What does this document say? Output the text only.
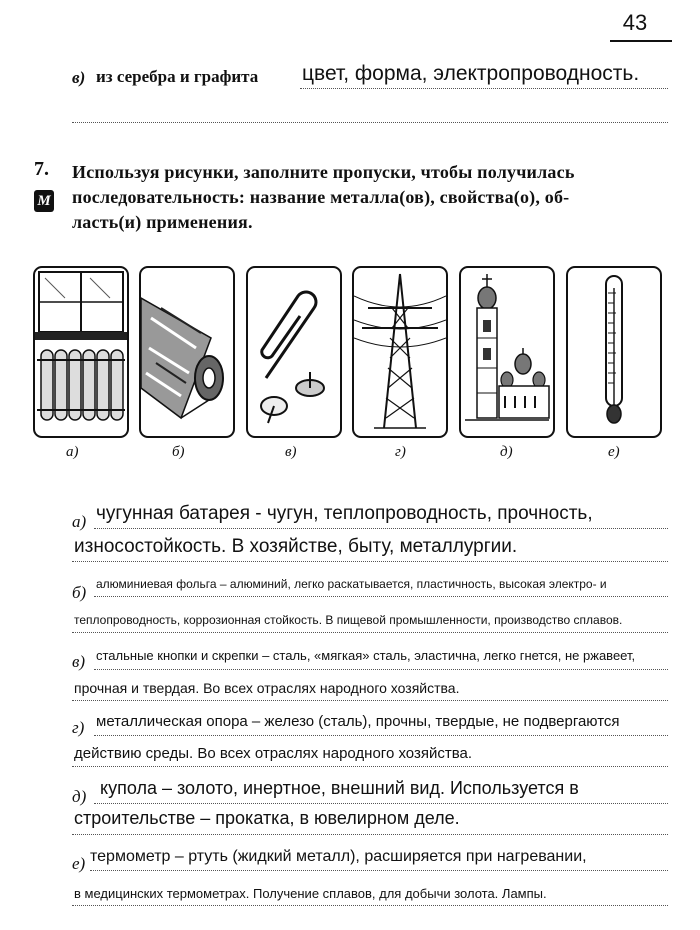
43
в) из серебра и графита цвет, форма, электропроводность.
7.
М
Используя рисунки, заполните пропуски, чтобы получилась
последовательность: название металла(ов), свойства(о), об-
ласть(и) применения.
а)	б)	в)	г)	д)	е)
а) чугунная батарея - чугун, теплопроводность, прочность,
износостойкость. В хозяйстве, быту, металлургии.
б) алюминиевая фольга – алюминий, легко раскатывается, пластичность, высокая электро- и
теплопроводность, коррозионная стойкость. В пищевой промышленности, производство сплавов.
в) стальные кнопки и скрепки – сталь, «мягкая» сталь, эластична, легко гнется, не ржавеет,
прочная и твердая. Во всех отраслях народного хозяйства.
г) металлическая опора – железо (сталь), прочны, твердые, не подвергаются
действию среды. Во всех отраслях народного хозяйства.
д) купола – золото, инертное, внешний вид. Используется в
строительстве – прокатка, в ювелирном деле.
е) термометр – ртуть (жидкий металл), расширяется при нагревании,
в медицинских термометрах. Получение сплавов, для добычи золота. Лампы.
